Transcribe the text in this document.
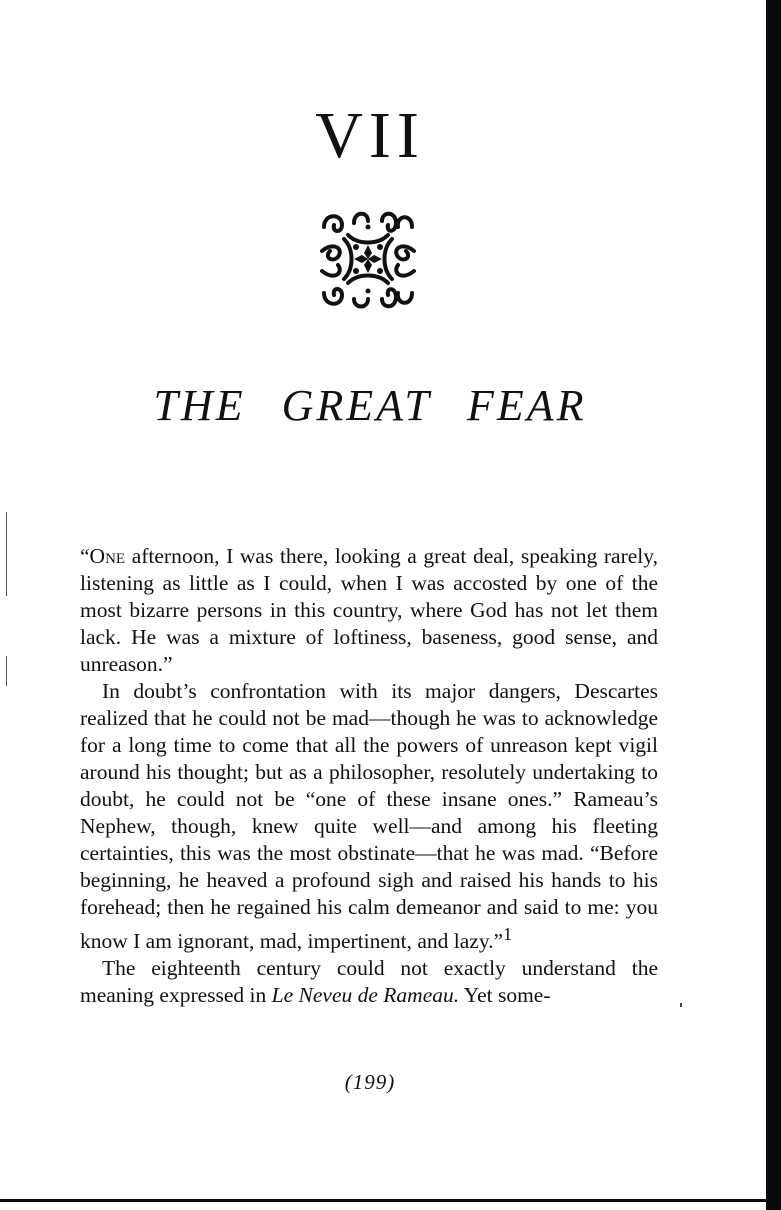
VII
THE GREAT FEAR

“One afternoon, I was there, looking a great deal, speaking rarely, listening as little as I could, when I was accosted by one of the most bizarre persons in this country, where God has not let them lack. He was a mixture of loftiness, baseness, good sense, and unreason.”

In doubt’s confrontation with its major dangers, Descartes realized that he could not be mad—though he was to acknowledge for a long time to come that all the powers of unreason kept vigil around his thought; but as a philosopher, resolutely undertaking to doubt, he could not be “one of these insane ones.” Rameau’s Nephew, though, knew quite well—and among his fleeting certainties, this was the most obstinate—that he was mad. “Before beginning, he heaved a profound sigh and raised his hands to his forehead; then he regained his calm demeanor and said to me: you know I am ignorant, mad, impertinent, and lazy.”$^1$

The eighteenth century could not exactly understand the meaning expressed in Le Neveu de Rameau. Yet some-

(199)
